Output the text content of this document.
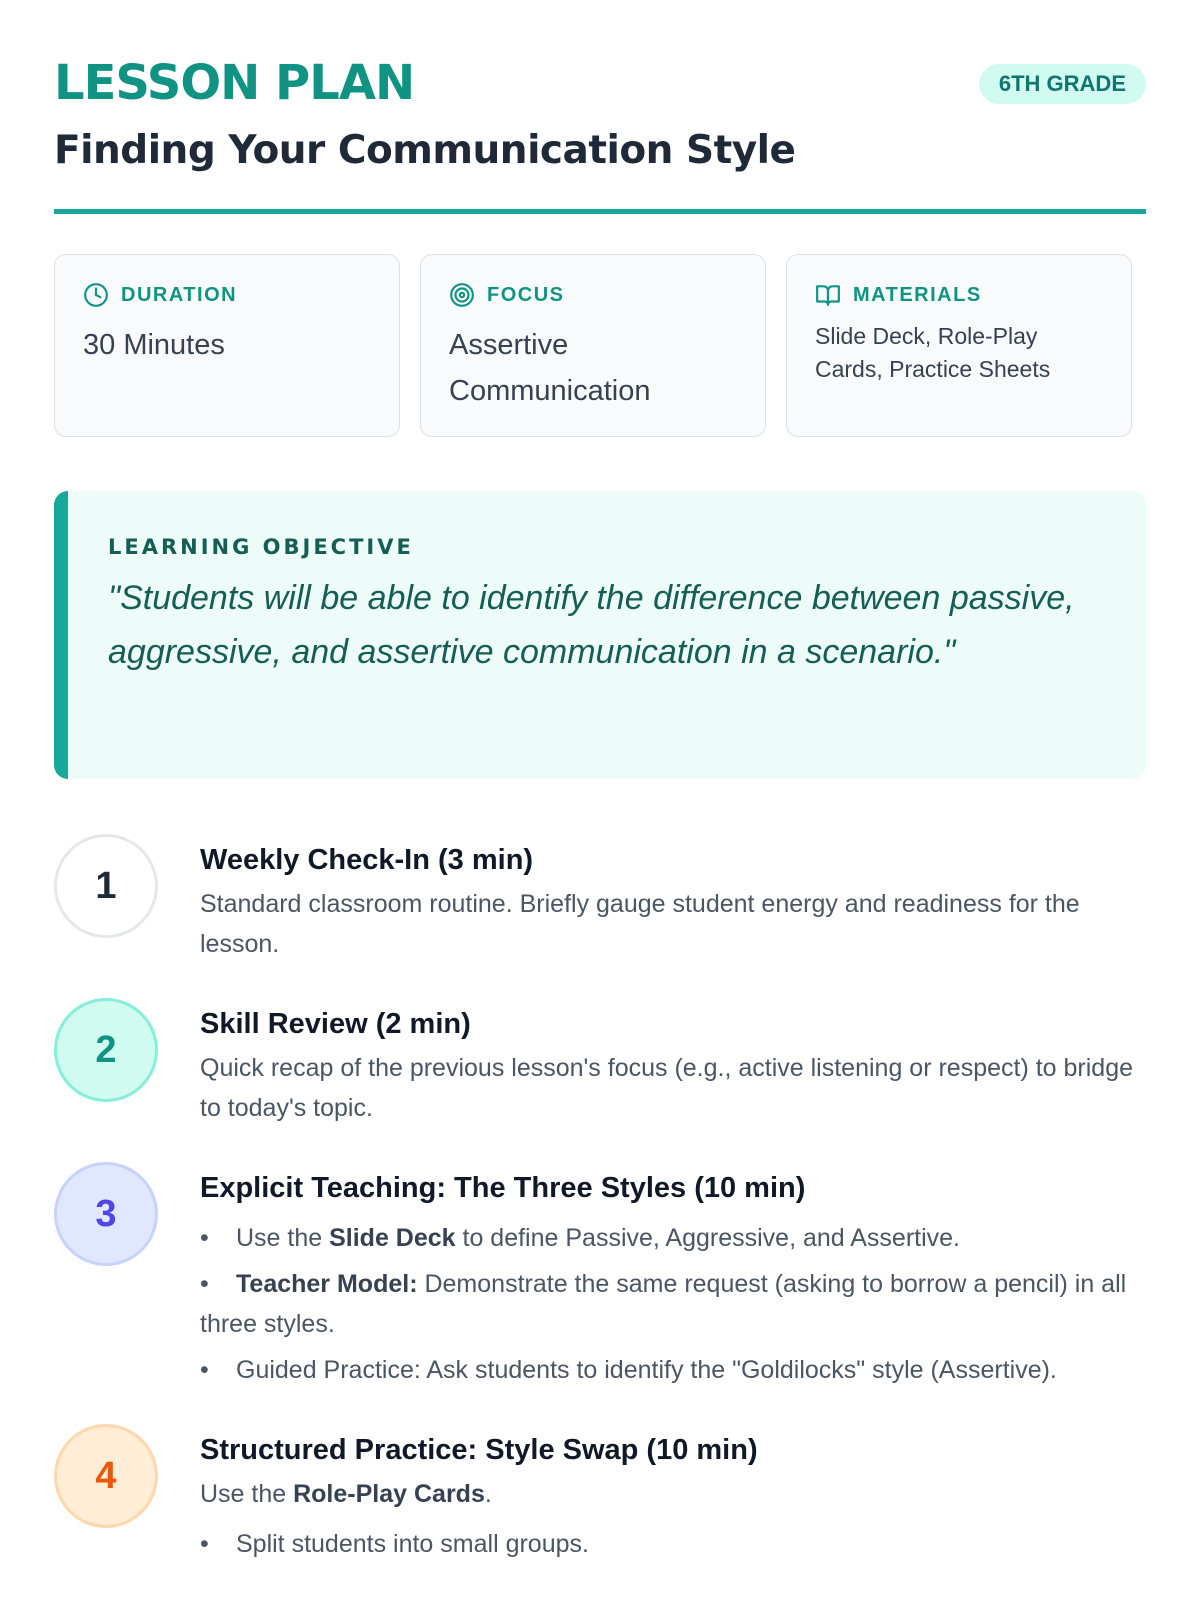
LESSON PLAN	6TH GRADE
Finding Your Communication Style
DURATION
30 Minutes
FOCUS
Assertive Communication
MATERIALS
Slide Deck, Role-Play Cards, Practice Sheets
LEARNING OBJECTIVE
"Students will be able to identify the difference between passive, aggressive, and assertive communication in a scenario."
1
Weekly Check-In (3 min)
Standard classroom routine. Briefly gauge student energy and readiness for the lesson.
2
Skill Review (2 min)
Quick recap of the previous lesson's focus (e.g., active listening or respect) to bridge to today's topic.
3
Explicit Teaching: The Three Styles (10 min)
• Use the Slide Deck to define Passive, Aggressive, and Assertive.
• Teacher Model: Demonstrate the same request (asking to borrow a pencil) in all three styles.
• Guided Practice: Ask students to identify the "Goldilocks" style (Assertive).
4
Structured Practice: Style Swap (10 min)
Use the Role-Play Cards.
• Split students into small groups.
